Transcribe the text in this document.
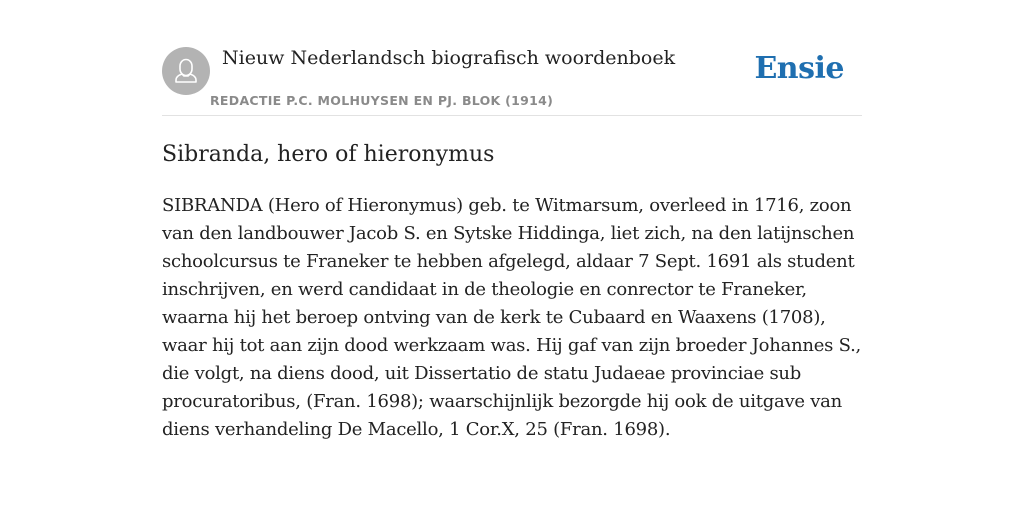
Nieuw Nederlandsch biografisch woordenboek
REDACTIE P.C. MOLHUYSEN EN PJ. BLOK (1914)
Ensie
Sibranda, hero of hieronymus

SIBRANDA (Hero of Hieronymus) geb. te Witmarsum, overleed in 1716, zoon van den landbouwer Jacob S. en Sytske Hiddinga, liet zich, na den latijnschen schoolcursus te Franeker te hebben afgelegd, aldaar 7 Sept. 1691 als student inschrijven, en werd candidaat in de theologie en conrector te Franeker, waarna hij het beroep ontving van de kerk te Cubaard en Waaxens (1708), waar hij tot aan zijn dood werkzaam was. Hij gaf van zijn broeder Johannes S., die volgt, na diens dood, uit Dissertatio de statu Judaeae provinciae sub procuratoribus, (Fran. 1698); waarschijnlijk bezorgde hij ook de uitgave van diens verhandeling De Macello, 1 Cor.X, 25 (Fran. 1698).
